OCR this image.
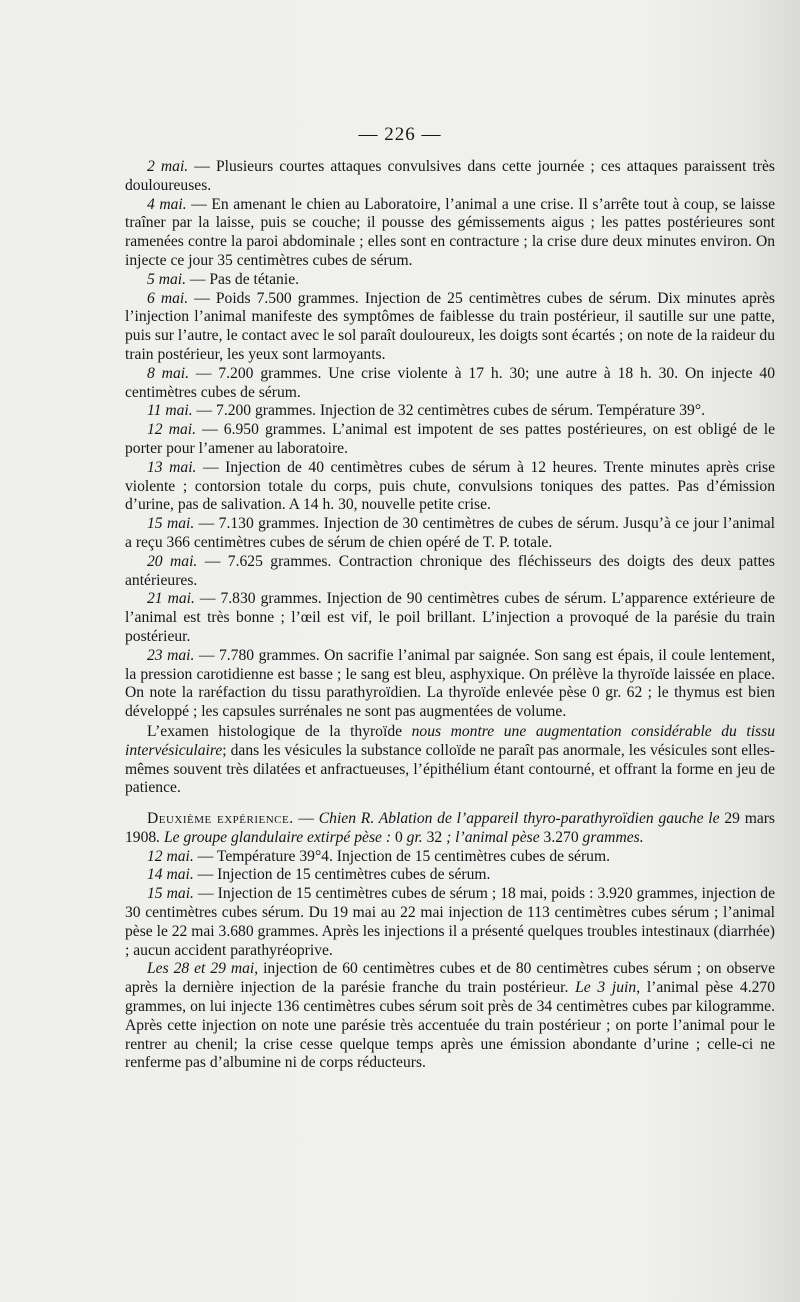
— 226 —

2 mai. — Plusieurs courtes attaques convulsives dans cette journée ; ces attaques paraissent très douloureuses.

4 mai. — En amenant le chien au Laboratoire, l’animal a une crise. Il s’arrête tout à coup, se laisse traîner par la laisse, puis se couche; il pousse des gémissements aigus ; les pattes postérieures sont ramenées contre la paroi abdominale ; elles sont en contracture ; la crise dure deux minutes environ. On injecte ce jour 35 centimètres cubes de sérum.

5 mai. — Pas de tétanie.

6 mai. — Poids 7.500 grammes. Injection de 25 centimètres cubes de sérum. Dix minutes après l’injection l’animal manifeste des symptômes de faiblesse du train postérieur, il sautille sur une patte, puis sur l’autre, le contact avec le sol paraît douloureux, les doigts sont écartés ; on note de la raideur du train postérieur, les yeux sont larmoyants.

8 mai. — 7.200 grammes. Une crise violente à 17 h. 30; une autre à 18 h. 30. On injecte 40 centimètres cubes de sérum.

11 mai. — 7.200 grammes. Injection de 32 centimètres cubes de sérum. Température 39°.

12 mai. — 6.950 grammes. L’animal est impotent de ses pattes postérieures, on est obligé de le porter pour l’amener au laboratoire.

13 mai. — Injection de 40 centimètres cubes de sérum à 12 heures. Trente minutes après crise violente ; contorsion totale du corps, puis chute, convulsions toniques des pattes. Pas d’émission d’urine, pas de salivation. A 14 h. 30, nouvelle petite crise.

15 mai. — 7.130 grammes. Injection de 30 centimètres de cubes de sérum. Jusqu’à ce jour l’animal a reçu 366 centimètres cubes de sérum de chien opéré de T. P. totale.

20 mai. — 7.625 grammes. Contraction chronique des fléchisseurs des doigts des deux pattes antérieures.

21 mai. — 7.830 grammes. Injection de 90 centimètres cubes de sérum. L’apparence extérieure de l’animal est très bonne ; l’œil est vif, le poil brillant. L’injection a provoqué de la parésie du train postérieur.

23 mai. — 7.780 grammes. On sacrifie l’animal par saignée. Son sang est épais, il coule lentement, la pression carotidienne est basse ; le sang est bleu, asphyxique. On prélève la thyroïde laissée en place. On note la raréfaction du tissu parathyroïdien. La thyroïde enlevée pèse 0 gr. 62 ; le thymus est bien développé ; les capsules surrénales ne sont pas augmentées de volume.

L’examen histologique de la thyroïde nous montre une augmentation considérable du tissu intervésiculaire; dans les vésicules la substance colloïde ne paraît pas anormale, les vésicules sont elles-mêmes souvent très dilatées et anfractueuses, l’épithélium étant contourné, et offrant la forme en jeu de patience.

Deuxième expérience. — Chien R. Ablation de l’appareil thyro-parathyroïdien gauche le 29 mars 1908. Le groupe glandulaire extirpé pèse : 0 gr. 32 ; l’animal pèse 3.270 grammes.

12 mai. — Température 39°4. Injection de 15 centimètres cubes de sérum.

14 mai. — Injection de 15 centimètres cubes de sérum.

15 mai. — Injection de 15 centimètres cubes de sérum ; 18 mai, poids : 3.920 grammes, injection de 30 centimètres cubes sérum. Du 19 mai au 22 mai injection de 113 centimètres cubes sérum ; l’animal pèse le 22 mai 3.680 grammes. Après les injections il a présenté quelques troubles intestinaux (diarrhée) ; aucun accident parathyréoprive.

Les 28 et 29 mai, injection de 60 centimètres cubes et de 80 centimètres cubes sérum ; on observe après la dernière injection de la parésie franche du train postérieur. Le 3 juin, l’animal pèse 4.270 grammes, on lui injecte 136 centimètres cubes sérum soit près de 34 centimètres cubes par kilogramme. Après cette injection on note une parésie très accentuée du train postérieur ; on porte l’animal pour le rentrer au chenil; la crise cesse quelque temps après une émission abondante d’urine ; celle-ci ne renferme pas d’albumine ni de corps réducteurs.
